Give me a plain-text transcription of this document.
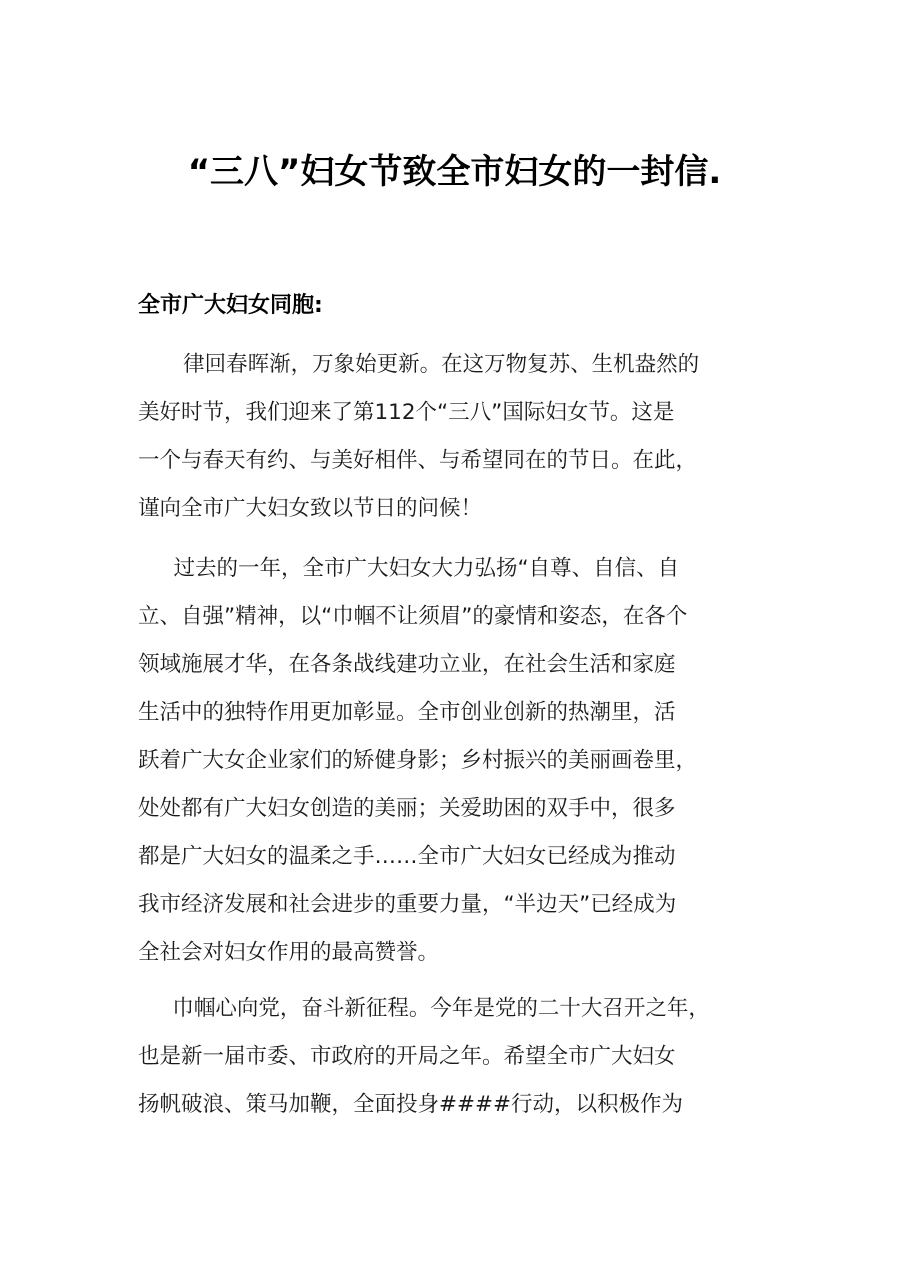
“三八”妇女节致全市妇女的一封信.
全市广大妇女同胞:
律回春晖渐，万象始更新。在这万物复苏、生机盎然的
美好时节，我们迎来了第112个“三八”国际妇女节。这是
一个与春天有约、与美好相伴、与希望同在的节日。在此，
谨向全市广大妇女致以节日的问候！
过去的一年，全市广大妇女大力弘扬“自尊、自信、自
立、自强”精神，以“巾帼不让须眉”的豪情和姿态，在各个
领域施展才华，在各条战线建功立业，在社会生活和家庭
生活中的独特作用更加彰显。全市创业创新的热潮里，活
跃着广大女企业家们的矫健身影；乡村振兴的美丽画卷里，
处处都有广大妇女创造的美丽；关爱助困的双手中，很多
都是广大妇女的温柔之手……全市广大妇女已经成为推动
我市经济发展和社会进步的重要力量，“半边天”已经成为
全社会对妇女作用的最高赞誉。
巾帼心向党，奋斗新征程。今年是党的二十大召开之年，
也是新一届市委、市政府的开局之年。希望全市广大妇女
扬帆破浪、策马加鞭，全面投身####行动，以积极作为
